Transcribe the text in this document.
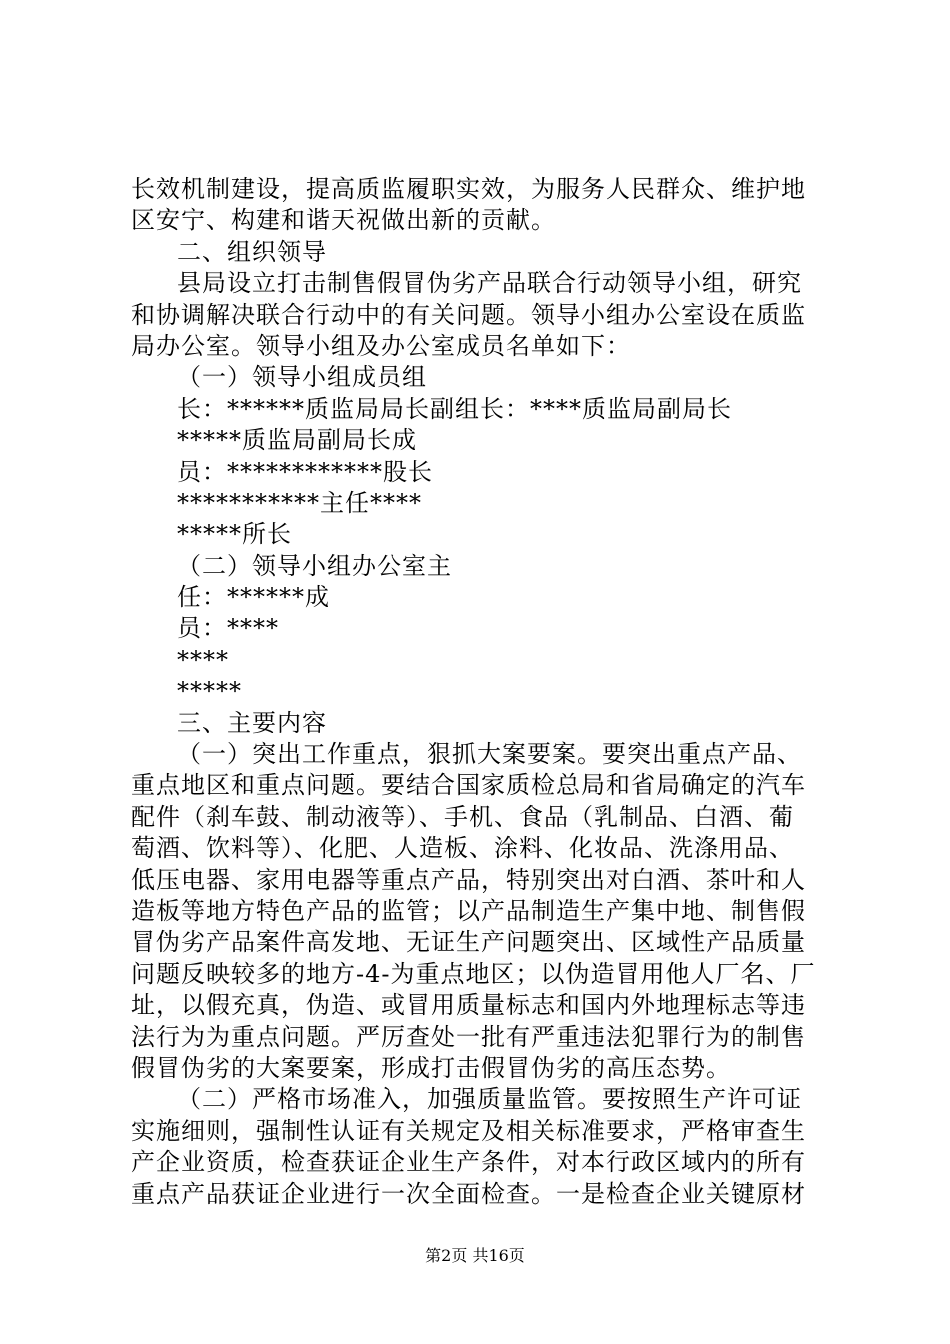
长效机制建设，提高质监履职实效，为服务人民群众、维护地
区安宁、构建和谐天祝做出新的贡献。
二、组织领导
县局设立打击制售假冒伪劣产品联合行动领导小组，研究
和协调解决联合行动中的有关问题。领导小组办公室设在质监
局办公室。领导小组及办公室成员名单如下：
（一）领导小组成员组
长：******质监局局长副组长：****质监局副局长
*****质监局副局长成
员：************股长
***********主任****
*****所长
（二）领导小组办公室主
任：******成
员：****
****
*****
三、主要内容
（一）突出工作重点，狠抓大案要案。要突出重点产品、
重点地区和重点问题。要结合国家质检总局和省局确定的汽车
配件（刹车鼓、制动液等）、手机、食品（乳制品、白酒、葡
萄酒、饮料等）、化肥、人造板、涂料、化妆品、洗涤用品、
低压电器、家用电器等重点产品，特别突出对白酒、茶叶和人
造板等地方特色产品的监管；以产品制造生产集中地、制售假
冒伪劣产品案件高发地、无证生产问题突出、区域性产品质量
问题反映较多的地方-4-为重点地区；以伪造冒用他人厂名、厂
址，以假充真，伪造、或冒用质量标志和国内外地理标志等违
法行为为重点问题。严厉查处一批有严重违法犯罪行为的制售
假冒伪劣的大案要案，形成打击假冒伪劣的高压态势。
（二）严格市场准入，加强质量监管。要按照生产许可证
实施细则，强制性认证有关规定及相关标准要求，严格审查生
产企业资质，检查获证企业生产条件，对本行政区域内的所有
重点产品获证企业进行一次全面检查。一是检查企业关键原材
第2页 共16页
